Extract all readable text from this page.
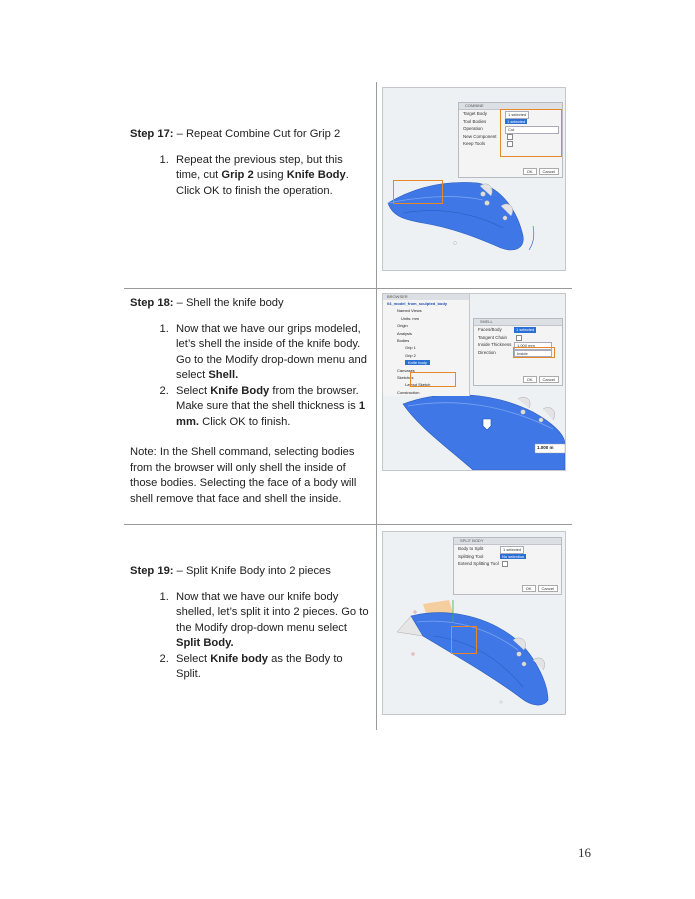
Step 17: – Repeat Combine Cut for Grip 2

1. Repeat the previous step, but this time, cut Grip 2 using Knife Body. Click OK to finish the operation.

Step 18: – Shell the knife body

1. Now that we have our grips modeled, let’s shell the inside of the knife body. Go to the Modify drop-down menu and select Shell.
2. Select Knife Body from the browser. Make sure that the shell thickness is 1 mm. Click OK to finish.
Note: In the Shell command, selecting bodies from the browser will only shell the inside of those bodies. Selecting the face of a body will shell remove that face and shell the inside.

Step 19: – Split Knife Body into 2 pieces

1. Now that we have our knife body shelled, let’s split it into 2 pieces. Go to the Modify drop-down menu select Split Body.
2. Select Knife body as the Body to Split.
COMBINE
Target Body	1 selected
Tool Bodies	1 selected
Operation	Cut
New Component
Keep Tools
OK	Cancel
BROWSER
04_model_from_sculpted_body
Named Views
Units: mm
Origin
Analysis
Bodies
Grip 1
Grip 2
Knife body
Canvases
Sketches
Layout Sketch
Construction
SHELL
Faces/Body	1 selected
Tangent Chain
Inside Thickness	1.000 mm
Direction	Inside
OK	Cancel
1.000 m
SPLIT BODY
Body to Split	1 selected
Splitting Tool	No selection
Extend Splitting Tool
OK	Cancel
16
